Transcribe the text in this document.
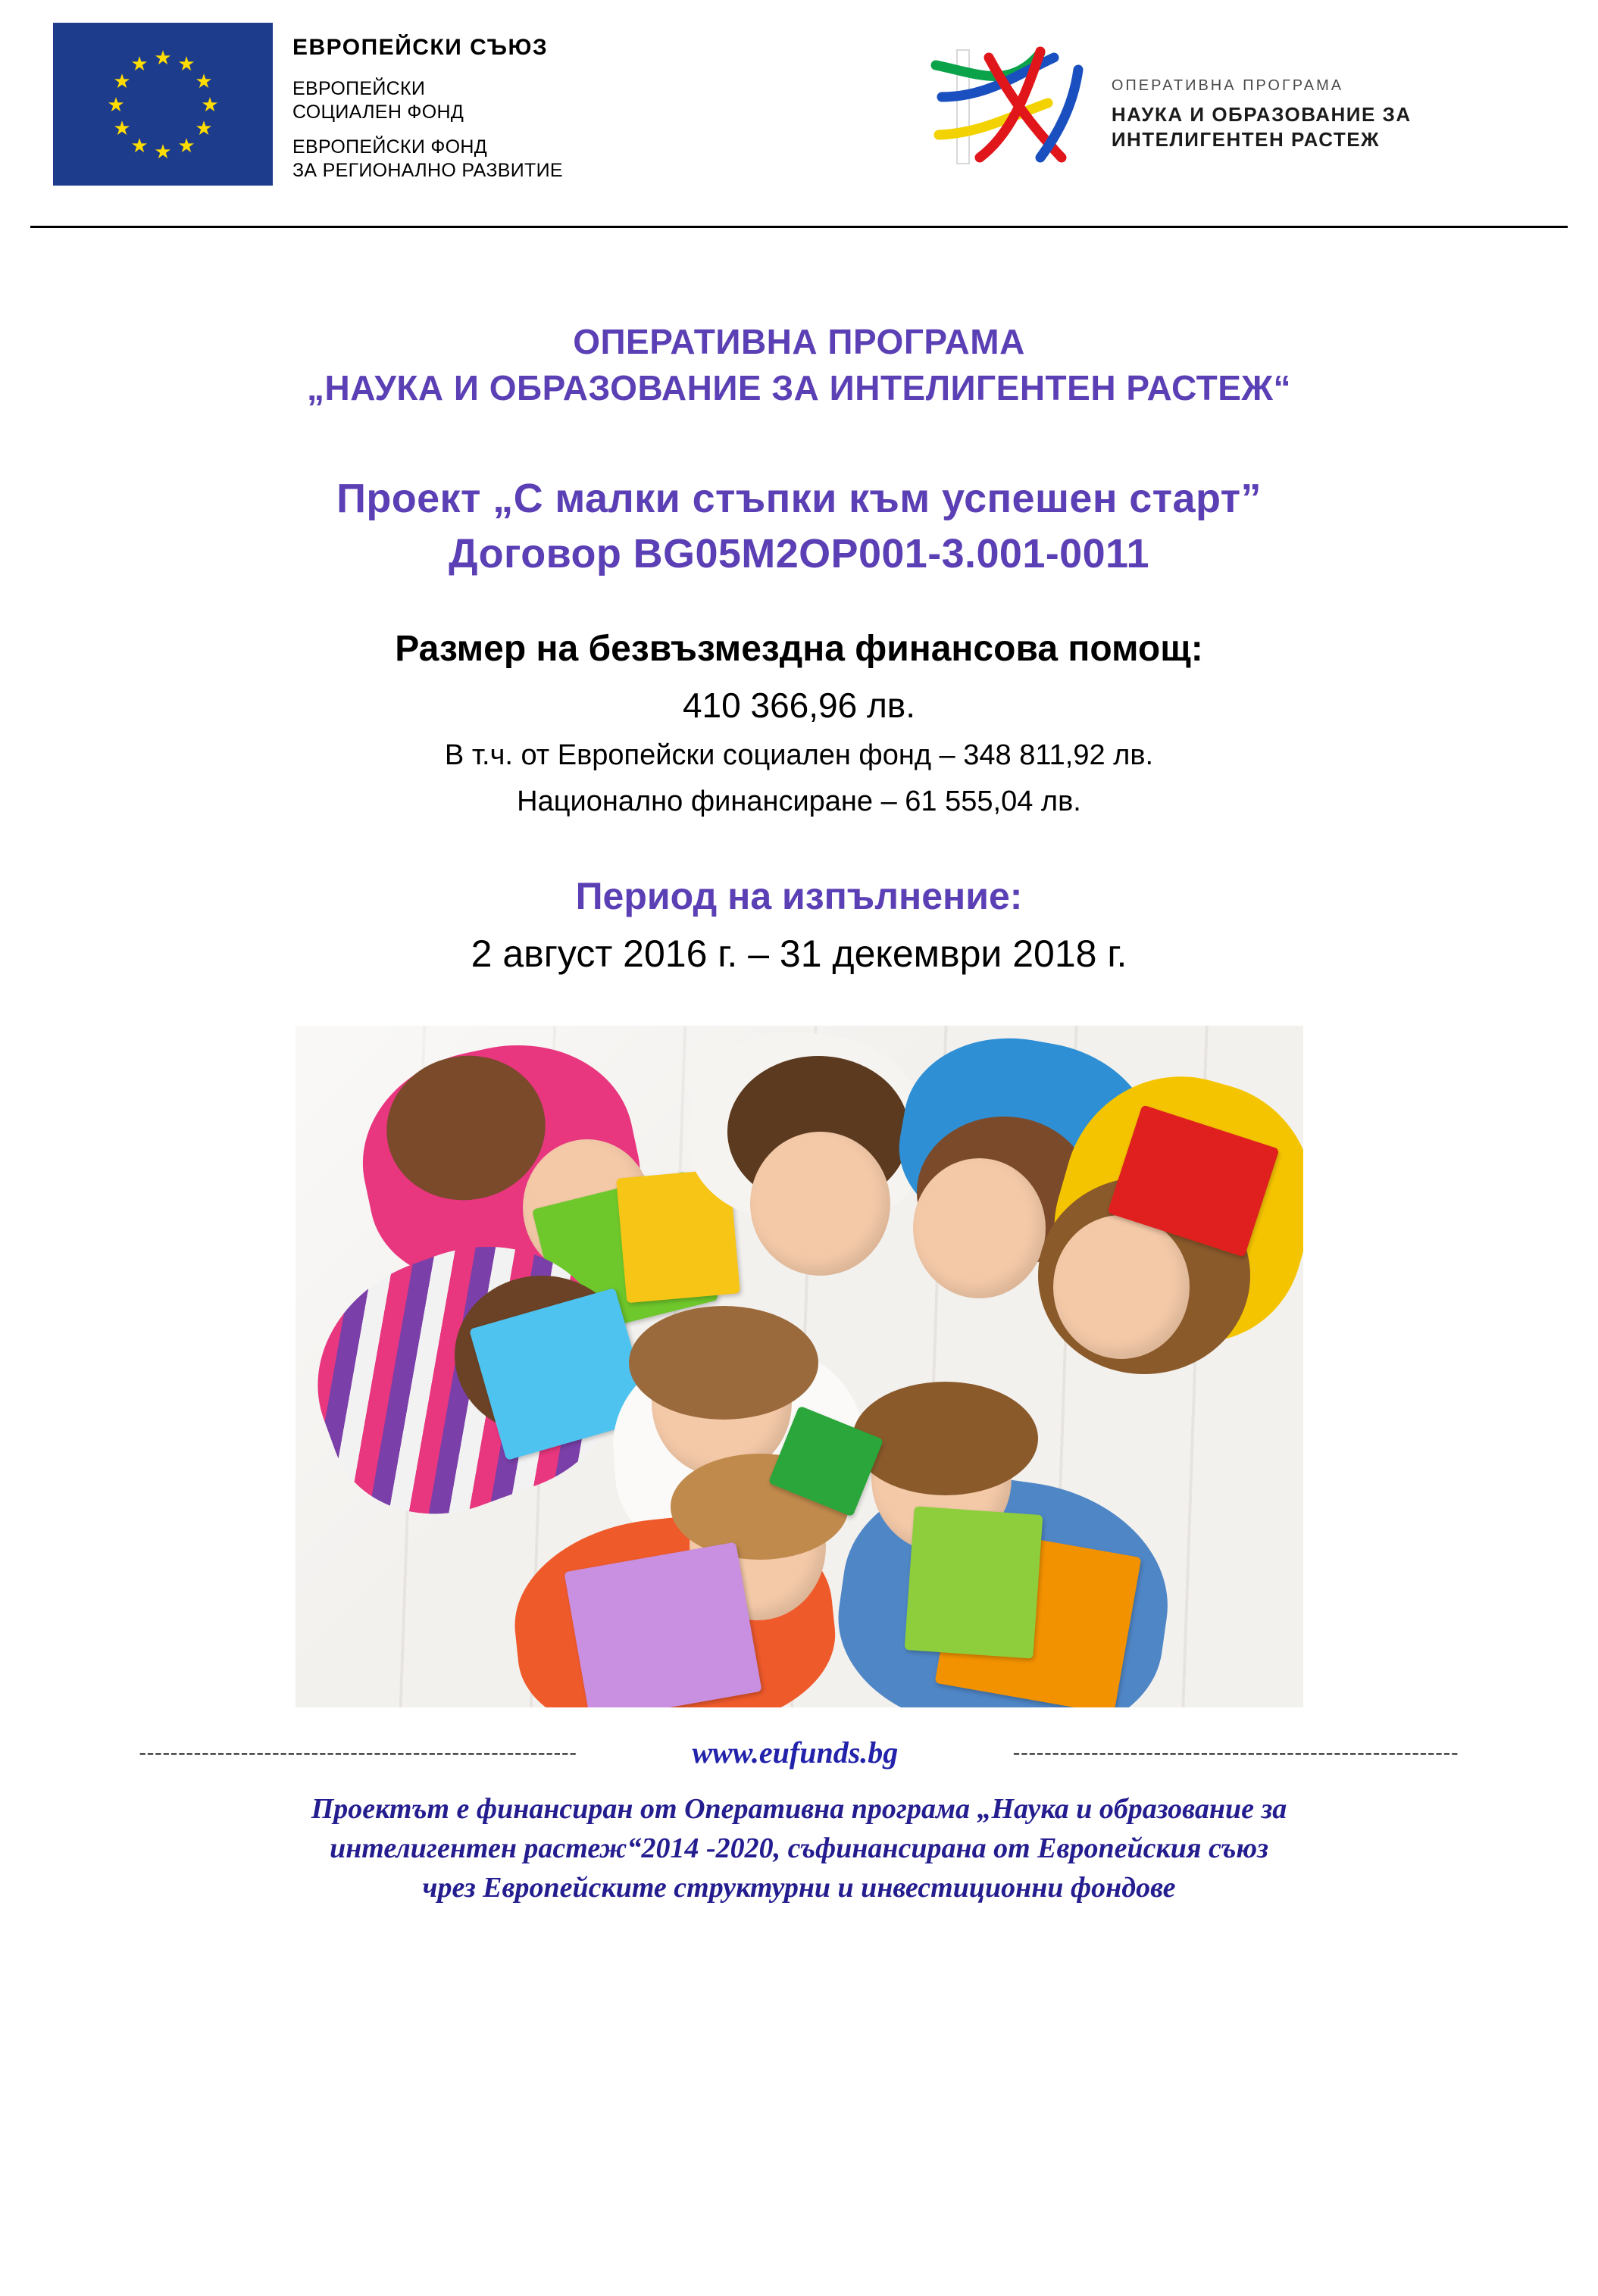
★ ★
★
★
★
★
★
★
★
★
★
★
ЕВРОПЕЙСКИ СЪЮЗ
ЕВРОПЕЙСКИ
СОЦИАЛЕН ФОНД
ЕВРОПЕЙСКИ ФОНД
ЗА РЕГИОНАЛНО РАЗВИТИЕ
ОПЕРАТИВНА ПРОГРАМА
НАУКА И ОБРАЗОВАНИЕ ЗА
ИНТЕЛИГЕНТЕН РАСТЕЖ
ОПЕРАТИВНА ПРОГРАМА
„НАУКА И ОБРАЗОВАНИЕ ЗА ИНТЕЛИГЕНТЕН РАСТЕЖ“
Проект „С малки стъпки към успешен старт”
Договор BG05M2OP001-3.001-0011
Размер на безвъзмездна финансова помощ:
410 366,96 лв.
В т.ч. от Европейски социален фонд – 348 811,92 лв.
Национално финансиране – 61 555,04 лв.
Период на изпълнение:
2 август 2016 г. – 31 декември 2018 г.
--------------------------------------------------------	www.eufunds.bg	---------------------------------------------------------
Проектът е финансиран от Оперативна програма „Наука и образование за
интелигентен растеж“2014 -2020, съфинансирана от Европейския съюз
чрез Европейските структурни и инвестиционни фондове
